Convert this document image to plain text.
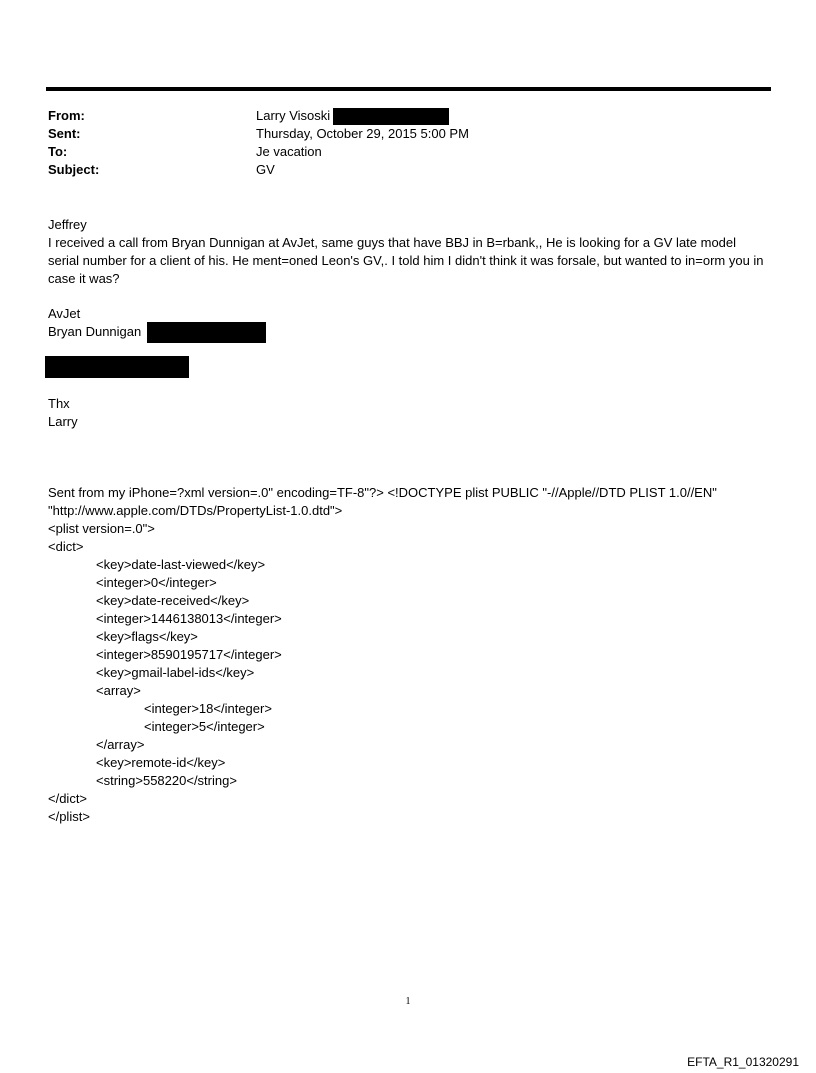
From:	Larry Visoski
Sent:	Thursday, October 29, 2015 5:00 PM
To:	Je vacation
Subject:	GV
Jeffrey
I received a call from Bryan Dunnigan at AvJet, same guys that have BBJ in B=rbank,, He is looking for a GV late model serial number for a client of his. He ment=oned Leon's GV,. I told him I didn't think it was forsale, but wanted to in=orm you in case it was?
AvJet
Bryan Dunnigan
Thx
Larry
Sent from my iPhone=?xml version=.0" encoding=TF-8"?> <!DOCTYPE plist PUBLIC "-//Apple//DTD PLIST 1.0//EN"
"http://www.apple.com/DTDs/PropertyList-1.0.dtd">
<plist version=.0">
<dict>
<key>date-last-viewed</key>
<integer>0</integer>
<key>date-received</key>
<integer>1446138013</integer>
<key>flags</key>
<integer>8590195717</integer>
<key>gmail-label-ids</key>
<array>
<integer>18</integer>
<integer>5</integer>
</array>
<key>remote-id</key>
<string>558220</string>
</dict>
</plist>
1
EFTA_R1_01320291
